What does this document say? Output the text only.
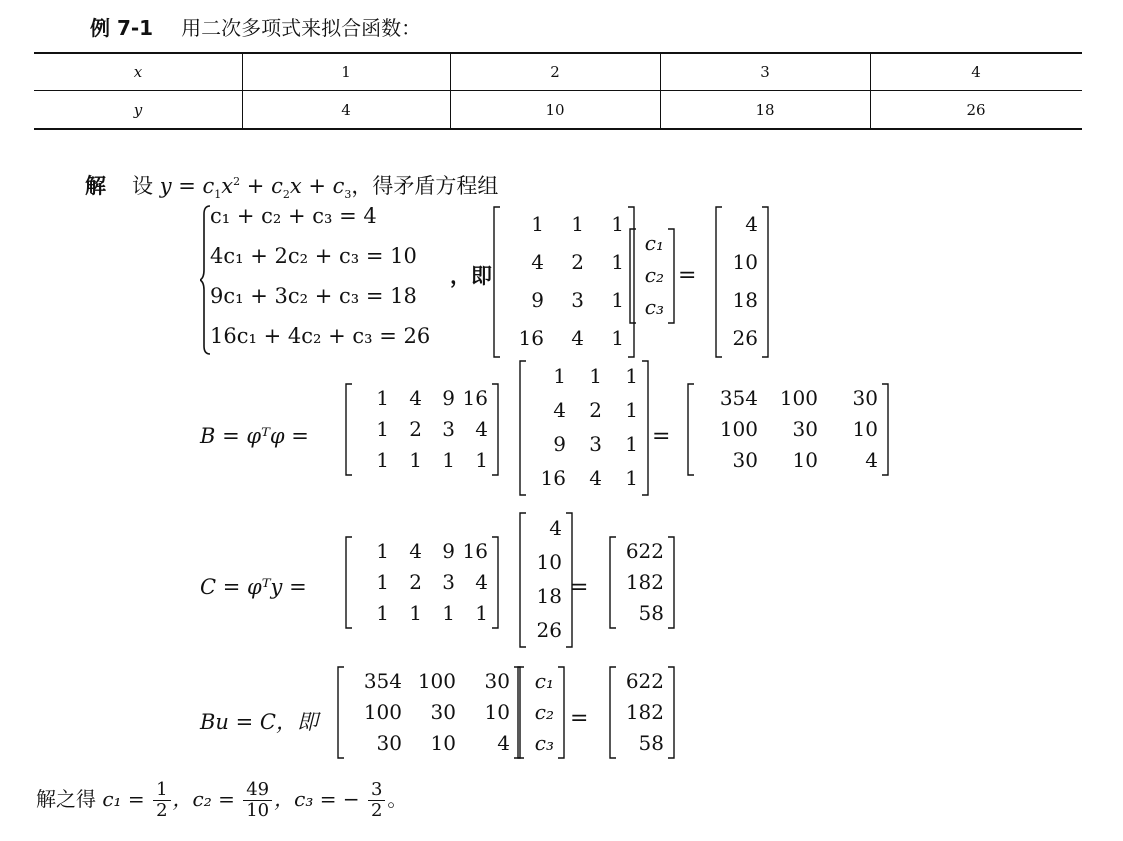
例 7-1 用二次多项式来拟合函数：
x	1	2	3	4
y	4	10	18	26
解 设 $y = c_1x^2 + c_2x + c_3$，得矛盾方程组
c₁ + c₂ + c₃ = 4
4c₁ + 2c₂ + c₃ = 10
9c₁ + 3c₂ + c₃ = 18
16c₁ + 4c₂ + c₃ = 26
，即
1 1 1
4 2 1
9 3 1
16 4 1
c₁
c₂
c₃
=
4
10
18
26
B = φᵀφ =
1 4 9 16
1 2 3 4
1 1 1 1
1 1 1
4 2 1
9 3 1
16 4 1
=
354 100 30
100 30 10
30 10 4
C = φᵀy =
1 4 9 16
1 2 3 4
1 1 1 1
4
10
18
26
=
622
182
58
Bu = C，即
354 100 30
100 30 10
30 10 4
c₁
c₂
c₃
=
622
182
58
解之得 $c_1 = \frac{1}{2}$ ，$c_2 = \frac{49}{10}$ ，c₃ = − $\frac{3}{2}$ 。
